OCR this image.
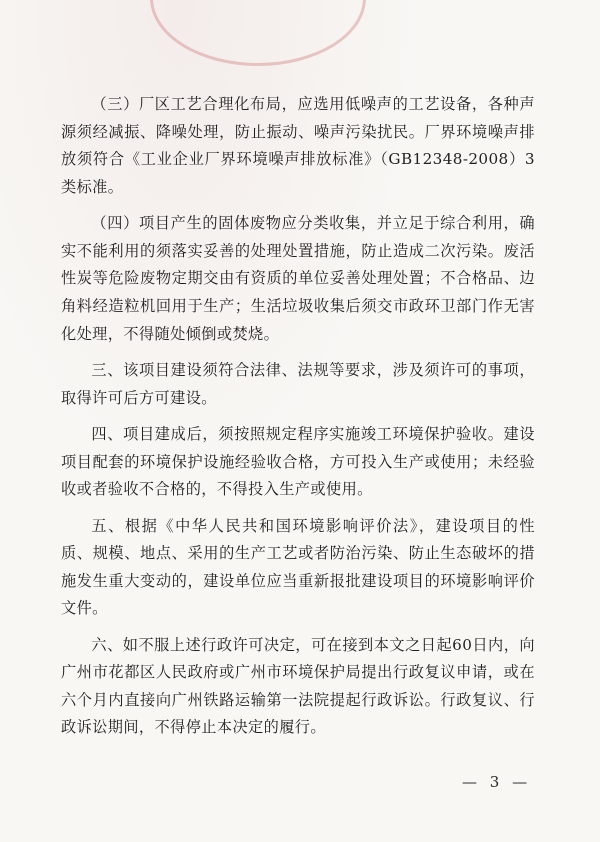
（三）厂区工艺合理化布局，应选用低噪声的工艺设备，各种声源须经减振、降噪处理，防止振动、噪声污染扰民。厂界环境噪声排放须符合《工业企业厂界环境噪声排放标准》（GB12348-2008）3类标准。

（四）项目产生的固体废物应分类收集，并立足于综合利用，确实不能利用的须落实妥善的处理处置措施，防止造成二次污染。废活性炭等危险废物定期交由有资质的单位妥善处理处置；不合格品、边角料经造粒机回用于生产；生活垃圾收集后须交市政环卫部门作无害化处理，不得随处倾倒或焚烧。

三、该项目建设须符合法律、法规等要求，涉及须许可的事项，取得许可后方可建设。

四、项目建成后，须按照规定程序实施竣工环境保护验收。建设项目配套的环境保护设施经验收合格，方可投入生产或使用；未经验收或者验收不合格的，不得投入生产或使用。

五、根据《中华人民共和国环境影响评价法》，建设项目的性质、规模、地点、采用的生产工艺或者防治污染、防止生态破坏的措施发生重大变动的，建设单位应当重新报批建设项目的环境影响评价文件。

六、如不服上述行政许可决定，可在接到本文之日起60日内，向广州市花都区人民政府或广州市环境保护局提出行政复议申请，或在六个月内直接向广州铁路运输第一法院提起行政诉讼。行政复议、行政诉讼期间，不得停止本决定的履行。

— 3 —
